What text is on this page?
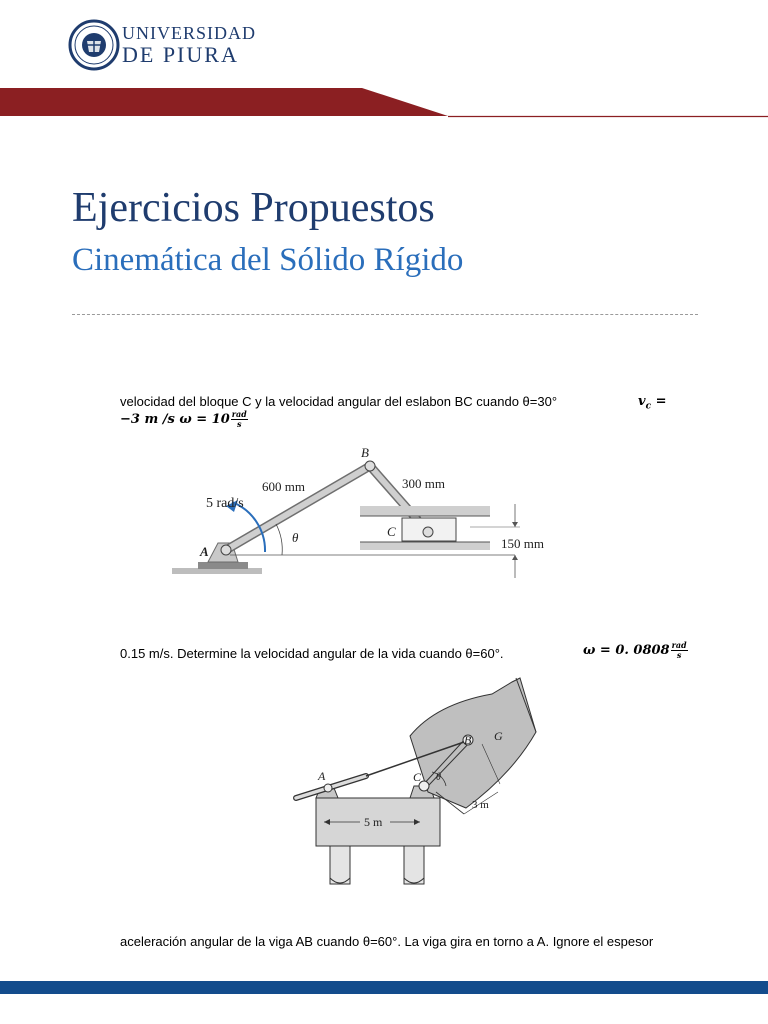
UNIVERSIDAD
DE PIURA
Ejercicios Propuestos
Cinemática del Sólido Rígido
velocidad del bloque C y la velocidad angular del eslabon BC cuando θ=30°	$v_c$ =
−3 m /s $\omega = 10 \frac{\text{rad}}{s}$
B
A
C
600 mm	300 mm
5 rad/s
θ	150 mm
0.15 m/s. Determine la velocidad angular de la vida cuando θ=60°.	ω = 0. $0808 \frac{\text{rad}}{s}$
5 m
A
B
C
G
θ
3 m
aceleración angular de la viga AB cuando θ=60°. La viga gira en torno a A. Ignore el espesor
